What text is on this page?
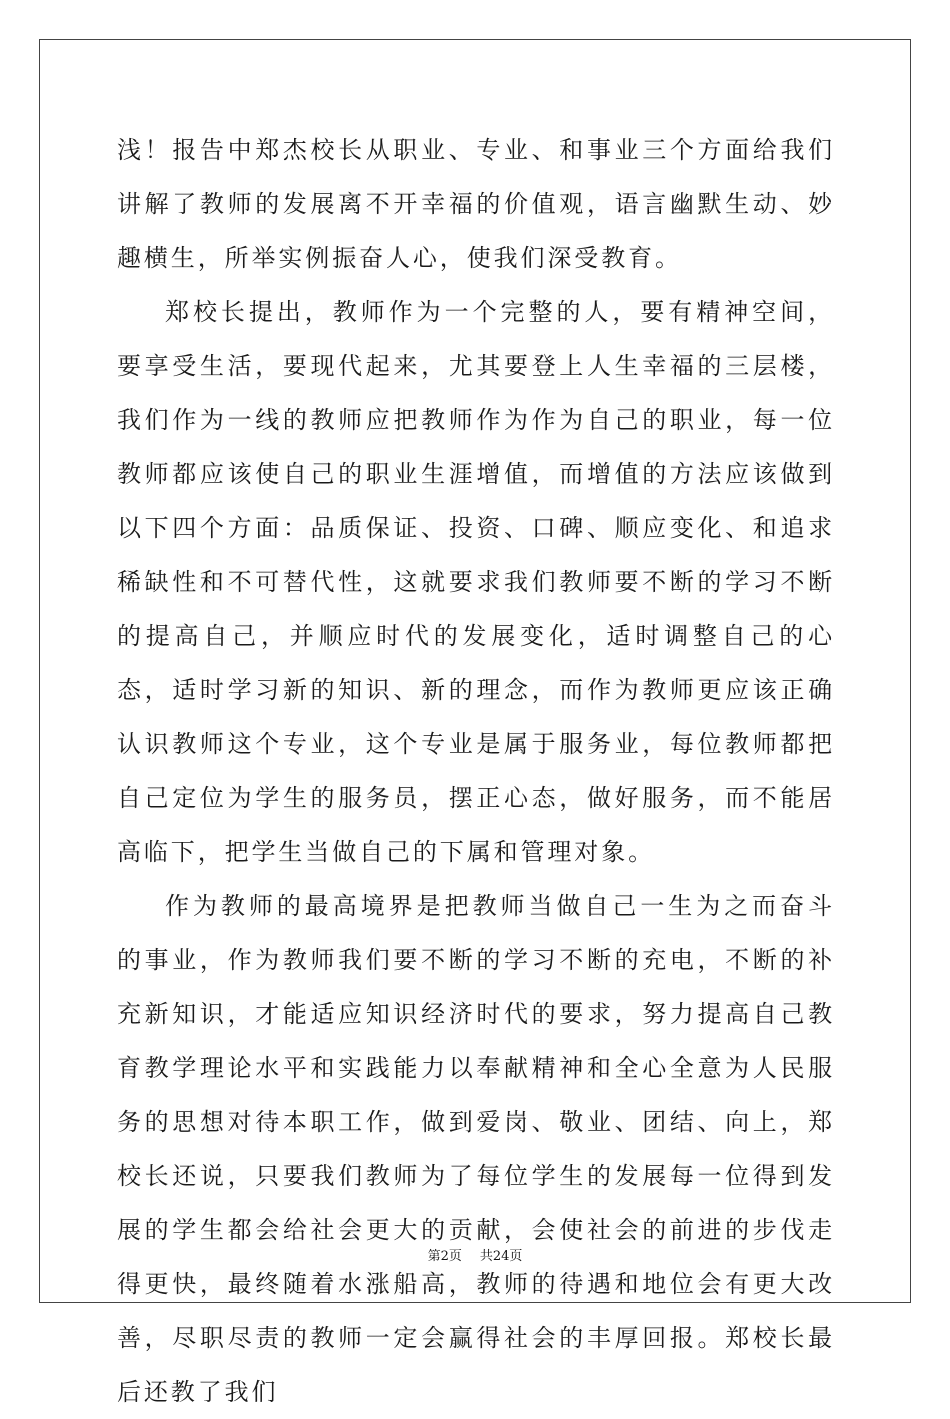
浅！报告中郑杰校长从职业、专业、和事业三个方面给我们讲解了教师的发展离不开幸福的价值观，语言幽默生动、妙趣横生，所举实例振奋人心，使我们深受教育。

郑校长提出，教师作为一个完整的人，要有精神空间，要享受生活，要现代起来，尤其要登上人生幸福的三层楼，我们作为一线的教师应把教师作为作为自己的职业，每一位教师都应该使自己的职业生涯增值，而增值的方法应该做到以下四个方面：品质保证、投资、口碑、顺应变化、和追求稀缺性和不可替代性，这就要求我们教师要不断的学习不断的提高自己，并顺应时代的发展变化，适时调整自己的心态，适时学习新的知识、新的理念，而作为教师更应该正确认识教师这个专业，这个专业是属于服务业，每位教师都把自己定位为学生的服务员，摆正心态，做好服务，而不能居高临下，把学生当做自己的下属和管理对象。

作为教师的最高境界是把教师当做自己一生为之而奋斗的事业，作为教师我们要不断的学习不断的充电，不断的补充新知识，才能适应知识经济时代的要求，努力提高自己教育教学理论水平和实践能力以奉献精神和全心全意为人民服务的思想对待本职工作，做到爱岗、敬业、团结、向上，郑校长还说，只要我们教师为了每位学生的发展每一位得到发展的学生都会给社会更大的贡献，会使社会的前进的步伐走得更快，最终随着水涨船高，教师的待遇和地位会有更大改善，尽职尽责的教师一定会赢得社会的丰厚回报。郑校长最后还教了我们

第2页 共24页
